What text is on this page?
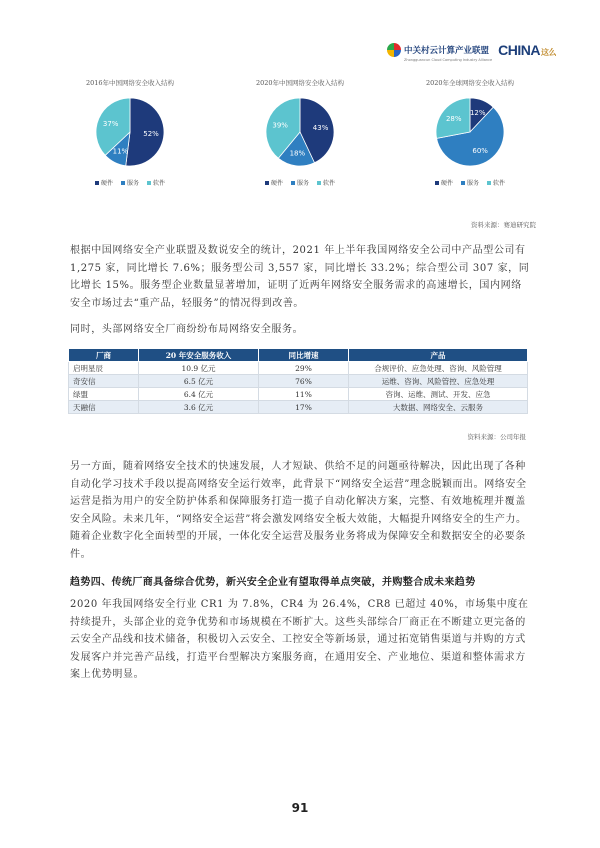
中关村云计算产业联盟
Zhongguancun Cloud Computing Industry Alliance
CHINA这么
2016年中国网络安全收入结构
52%
11%
37%
硬件 服务 软件
2020年中国网络安全收入结构
43%
18%
39%
硬件 服务 软件
2020年全球网络安全收入结构
12%
60%
28%
硬件 服务 软件
资料来源：赛迪研究院

根据中国网络安全产业联盟及数说安全的统计，2021 年上半年我国网络安全公司中产品型公司有 1,275 家，同比增长 7.6%；服务型公司 3,557 家，同比增长 33.2%；综合型公司 307 家，同比增长 15%。服务型企业数量显著增加，证明了近两年网络安全服务需求的高速增长，国内网络安全市场过去“重产品，轻服务”的情况得到改善。

同时，头部网络安全厂商纷纷布局网络安全服务。

厂商	20 年安全服务收入	同比增速	产品
启明星辰	10.9 亿元	29%	合规评价、应急处理、咨询、风险管理
奇安信	6.5 亿元	76%	运维、咨询、风险管控、应急处理
绿盟	6.4 亿元	11%	咨询、运维、测试、开发、应急
天融信	3.6 亿元	17%	大数据、网络安全、云服务
资料来源：公司年报

另一方面，随着网络安全技术的快速发展，人才短缺、供给不足的问题亟待解决，因此出现了各种自动化学习技术手段以提高网络安全运行效率，此背景下“网络安全运营”理念脱颖而出。网络安全运营是指为用户的安全防护体系和保障服务打造一揽子自动化解决方案，完整、有效地梳理并覆盖安全风险。未来几年，“网络安全运营”将会激发网络安全板大效能，大幅提升网络安全的生产力。随着企业数字化全面转型的开展，一体化安全运营及服务业务将成为保障安全和数据安全的必要条件。

趋势四、传统厂商具备综合优势，新兴安全企业有望取得单点突破，并购整合成未来趋势

2020 年我国网络安全行业 CR1 为 7.8%，CR4 为 26.4%，CR8 已超过 40%，市场集中度在持续提升，头部企业的竞争优势和市场规模在不断扩大。这些头部综合厂商正在不断建立更完备的云安全产品线和技术储备，积极切入云安全、工控安全等新场景，通过拓宽销售渠道与并购的方式发展客户并完善产品线，打造平台型解决方案服务商，在通用安全、产业地位、渠道和整体需求方案上优势明显。

91
